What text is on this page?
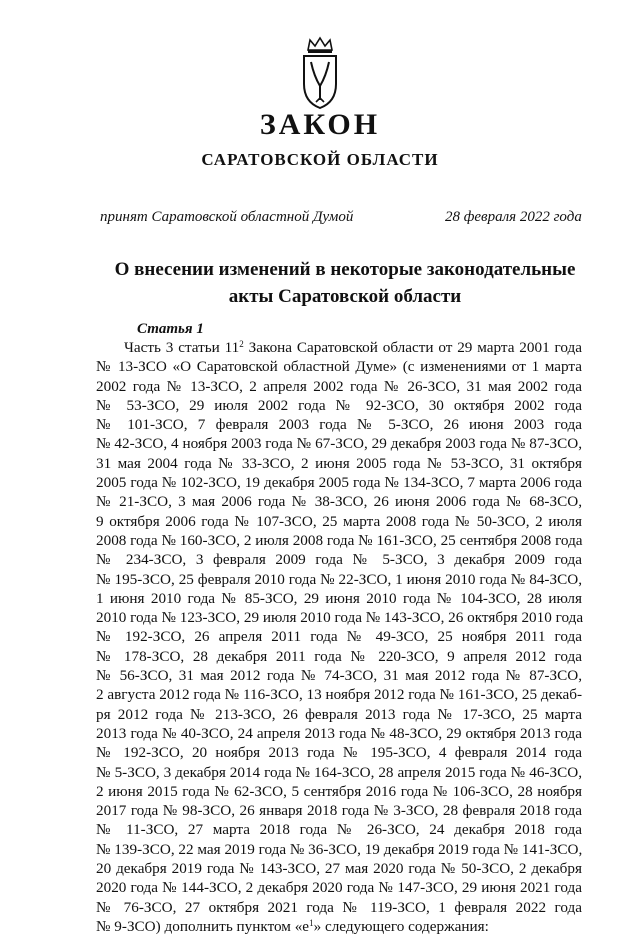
ЗАКОН
САРАТОВСКОЙ ОБЛАСТИ
принят Саратовской областной Думой	28 февраля 2022 года
О внесении изменений в некоторые законодательные
акты Саратовской области
Статья 1
Часть 3 статьи $11^2$ Закона Саратовской области от 29 марта 2001 года
№ 13-ЗСО «О Саратовской областной Думе» (с изменениями от 1 марта
2002 года № 13-ЗСО, 2 апреля 2002 года № 26-ЗСО, 31 мая 2002 года
№ 53-ЗСО, 29 июля 2002 года № 92-ЗСО, 30 октября 2002 года
№ 101-ЗСО, 7 февраля 2003 года № 5-ЗСО, 26 июня 2003 года
№ 42-ЗСО, 4 ноября 2003 года № 67-ЗСО, 29 декабря 2003 года № 87-ЗСО,
31 мая 2004 года № 33-ЗСО, 2 июня 2005 года № 53-ЗСО, 31 октября
2005 года № 102-ЗСО, 19 декабря 2005 года № 134-ЗСО, 7 марта 2006 года
№ 21-ЗСО, 3 мая 2006 года № 38-ЗСО, 26 июня 2006 года № 68-ЗСО,
9 октября 2006 года № 107-ЗСО, 25 марта 2008 года № 50-ЗСО, 2 июля
2008 года № 160-ЗСО, 2 июля 2008 года № 161-ЗСО, 25 сентября 2008 года
№ 234-ЗСО, 3 февраля 2009 года № 5-ЗСО, 3 декабря 2009 года
№ 195-ЗСО, 25 февраля 2010 года № 22-ЗСО, 1 июня 2010 года № 84-ЗСО,
1 июня 2010 года № 85-ЗСО, 29 июня 2010 года № 104-ЗСО, 28 июля
2010 года № 123-ЗСО, 29 июля 2010 года № 143-ЗСО, 26 октября 2010 года
№ 192-ЗСО, 26 апреля 2011 года № 49-ЗСО, 25 ноября 2011 года
№ 178-ЗСО, 28 декабря 2011 года № 220-ЗСО, 9 апреля 2012 года
№ 56-ЗСО, 31 мая 2012 года № 74-ЗСО, 31 мая 2012 года № 87-ЗСО,
2 августа 2012 года № 116-ЗСО, 13 ноября 2012 года № 161-ЗСО, 25 декаб-
ря 2012 года № 213-ЗСО, 26 февраля 2013 года № 17-ЗСО, 25 марта
2013 года № 40-ЗСО, 24 апреля 2013 года № 48-ЗСО, 29 октября 2013 года
№ 192-ЗСО, 20 ноября 2013 года № 195-ЗСО, 4 февраля 2014 года
№ 5-ЗСО, 3 декабря 2014 года № 164-ЗСО, 28 апреля 2015 года № 46-ЗСО,
2 июня 2015 года № 62-ЗСО, 5 сентября 2016 года № 106-ЗСО, 28 ноября
2017 года № 98-ЗСО, 26 января 2018 года № 3-ЗСО, 28 февраля 2018 года
№ 11-ЗСО, 27 марта 2018 года № 26-ЗСО, 24 декабря 2018 года
№ 139-ЗСО, 22 мая 2019 года № 36-ЗСО, 19 декабря 2019 года № 141-ЗСО,
20 декабря 2019 года № 143-ЗСО, 27 мая 2020 года № 50-ЗСО, 2 декабря
2020 года № 144-ЗСО, 2 декабря 2020 года № 147-ЗСО, 29 июня 2021 года
№ 76-ЗСО, 27 октября 2021 года № 119-ЗСО, 1 февраля 2022 года
№ 9-ЗСО) дополнить пунктом «$е^1$» следующего содержания:
